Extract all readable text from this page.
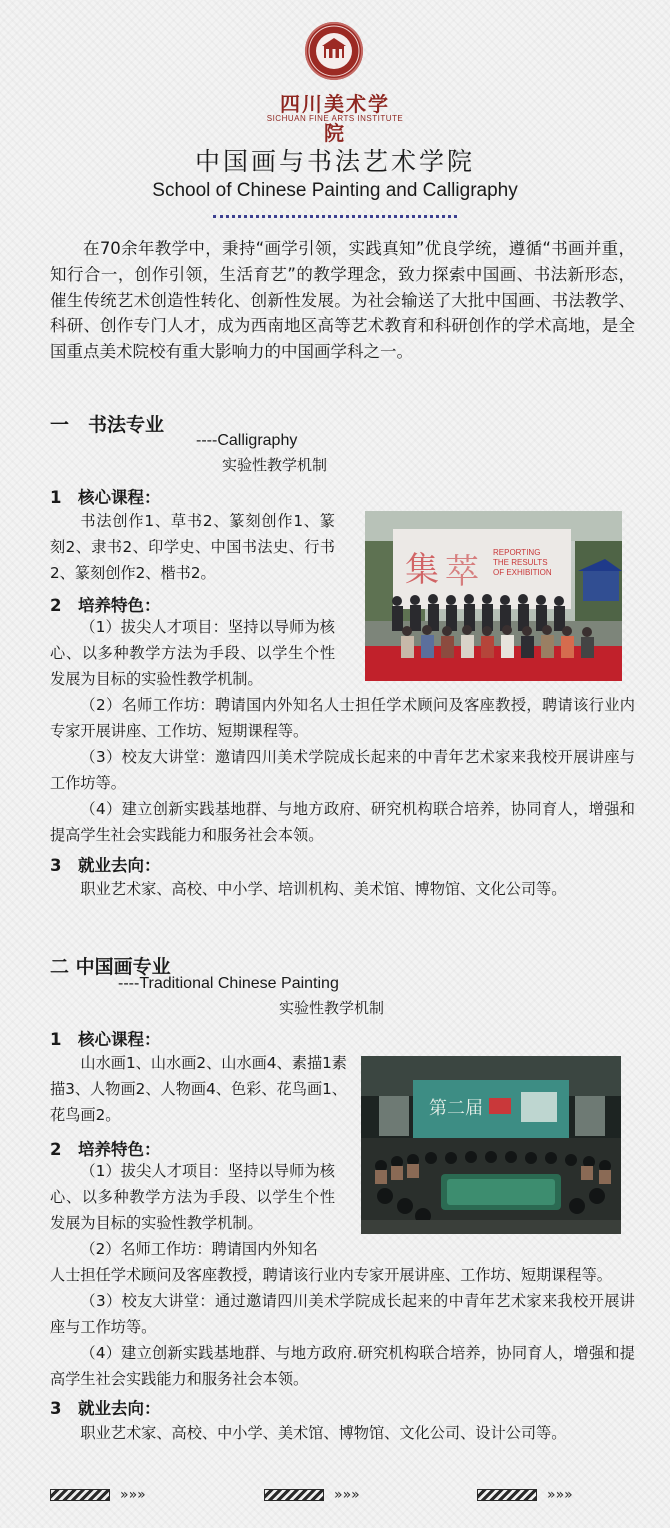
四川美术学院
SICHUAN FINE ARTS INSTITUTE
中国画与书法艺术学院
School of Chinese Painting and Calligraphy
在70余年教学中，秉持“画学引领，实践真知”优良学统，遵循“书画并重，知行合一，创作引领，生活育艺”的教学理念，致力探索中国画、书法新形态，催生传统艺术创造性转化、创新性发展。为社会输送了大批中国画、书法教学、科研、创作专门人才，成为西南地区高等艺术教育和科研创作的学术高地，是全国重点美术院校有重大影响力的中国画学科之一。
一　书法专业
----Calligraphy
实验性教学机制
1　核心课程：
书法创作1、草书2、篆刻创作1、篆刻2、隶书2、印学史、中国书法史、行书2、篆刻创作2、楷书2。	集 萃 REPORTING
THE RESULTS
OF EXHIBITION
2　培养特色：
（1）拔尖人才项目：坚持以导师为核心、以多种教学方法为手段、以学生个性发展为目标的实验性教学机制。
（2）名师工作坊：聘请国内外知名人士担任学术顾问及客座教授，聘请该行业内专家开展讲座、工作坊、短期课程等。
（3）校友大讲堂：邀请四川美术学院成长起来的中青年艺术家来我校开展讲座与工作坊等。
（4）建立创新实践基地群、与地方政府、研究机构联合培养，协同育人，增强和提高学生社会实践能力和服务社会本领。
3　就业去向：
职业艺术家、高校、中小学、培训机构、美术馆、博物馆、文化公司等。
二 中国画专业
----Traditional Chinese Painting
实验性教学机制
1　核心课程：
山水画1、山水画2、山水画4、素描1素描3、人物画2、人物画4、色彩、花鸟画1、花鸟画2。	第二届
2　培养特色：
（1）拔尖人才项目：坚持以导师为核心、以多种教学方法为手段、以学生个性发展为目标的实验性教学机制。
（2）名师工作坊：聘请国内外知名
人士担任学术顾问及客座教授，聘请该行业内专家开展讲座、工作坊、短期课程等。
（3）校友大讲堂：通过邀请四川美术学院成长起来的中青年艺术家来我校开展讲座与工作坊等。
（4）建立创新实践基地群、与地方政府.研究机构联合培养，协同育人，增强和提高学生社会实践能力和服务社会本领。
3　就业去向：
职业艺术家、高校、中小学、美术馆、博物馆、文化公司、设计公司等。
»»»	»»»	»»»
